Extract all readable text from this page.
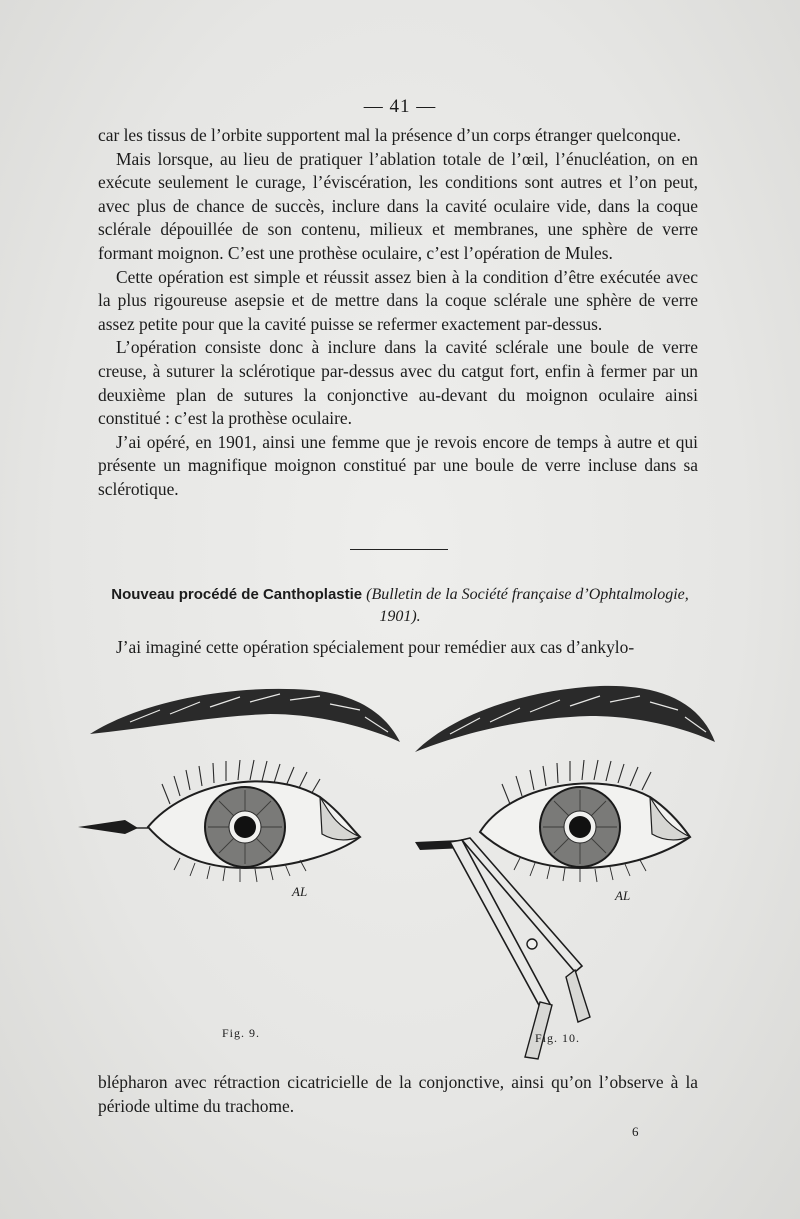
— 41 —

car les tissus de l’orbite supportent mal la présence d’un corps étranger quelconque.

Mais lorsque, au lieu de pratiquer l’ablation totale de l’œil, l’énucléation, on en exécute seulement le curage, l’éviscération, les conditions sont autres et l’on peut, avec plus de chance de succès, inclure dans la cavité oculaire vide, dans la coque sclérale dépouillée de son contenu, milieux et membranes, une sphère de verre formant moignon. C’est une prothèse oculaire, c’est l’opération de Mules.

Cette opération est simple et réussit assez bien à la condition d’être exécutée avec la plus rigoureuse asepsie et de mettre dans la coque sclérale une sphère de verre assez petite pour que la cavité puisse se refermer exactement par-dessus.

L’opération consiste donc à inclure dans la cavité sclérale une boule de verre creuse, à suturer la sclérotique par-dessus avec du catgut fort, enfin à fermer par un deuxième plan de sutures la conjonctive au-devant du moignon oculaire ainsi constitué : c’est la prothèse oculaire.

J’ai opéré, en 1901, ainsi une femme que je revois encore de temps à autre et qui présente un magnifique moignon constitué par une boule de verre incluse dans sa sclérotique.

Nouveau procédé de Canthoplastie (Bulletin de la Société française d’Ophtalmologie, 1901).

J’ai imaginé cette opération spécialement pour remédier aux cas d’ankylo-

AL	AL
Fig. 9.	Fig. 10.

blépharon avec rétraction cicatricielle de la conjonctive, ainsi qu’on l’observe à la période ultime du trachome.

6
